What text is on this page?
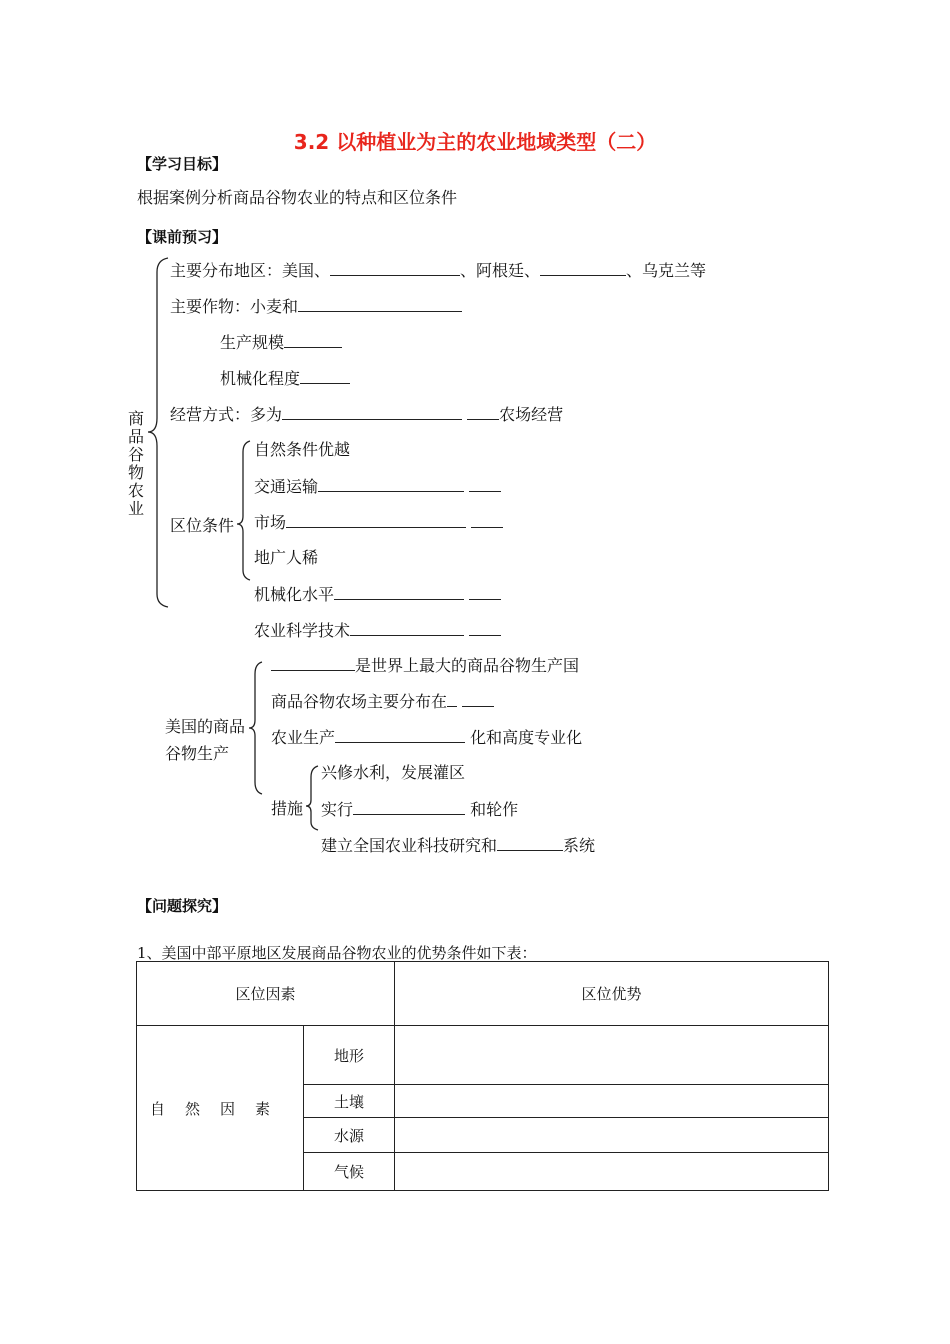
3.2 以种植业为主的农业地域类型（二）
【学习目标】
根据案例分析商品谷物农业的特点和区位条件
【课前预习】
商品谷物农业
主要分布地区：美国、	、阿根廷、	、乌克兰等
主要作物：小麦和
生产规模
机械化程度
经营方式：多为	农场经营
自然条件优越
交通运输
区位条件 市场
地广人稀
机械化水平
农业科学技术
美国的商品
谷物生产
是世界上最大的商品谷物生产国
商品谷物农场主要分布在
农业生产	化和高度专业化
措施
兴修水利，发展灌区
实行	和轮作
建立全国农业科技研究和	系统
【问题探究】
1、美国中部平原地区发展商品谷物农业的优势条件如下表：
区位因素		区位优势
自然因素	地形	
	土壤	
	水源	
	气候	
